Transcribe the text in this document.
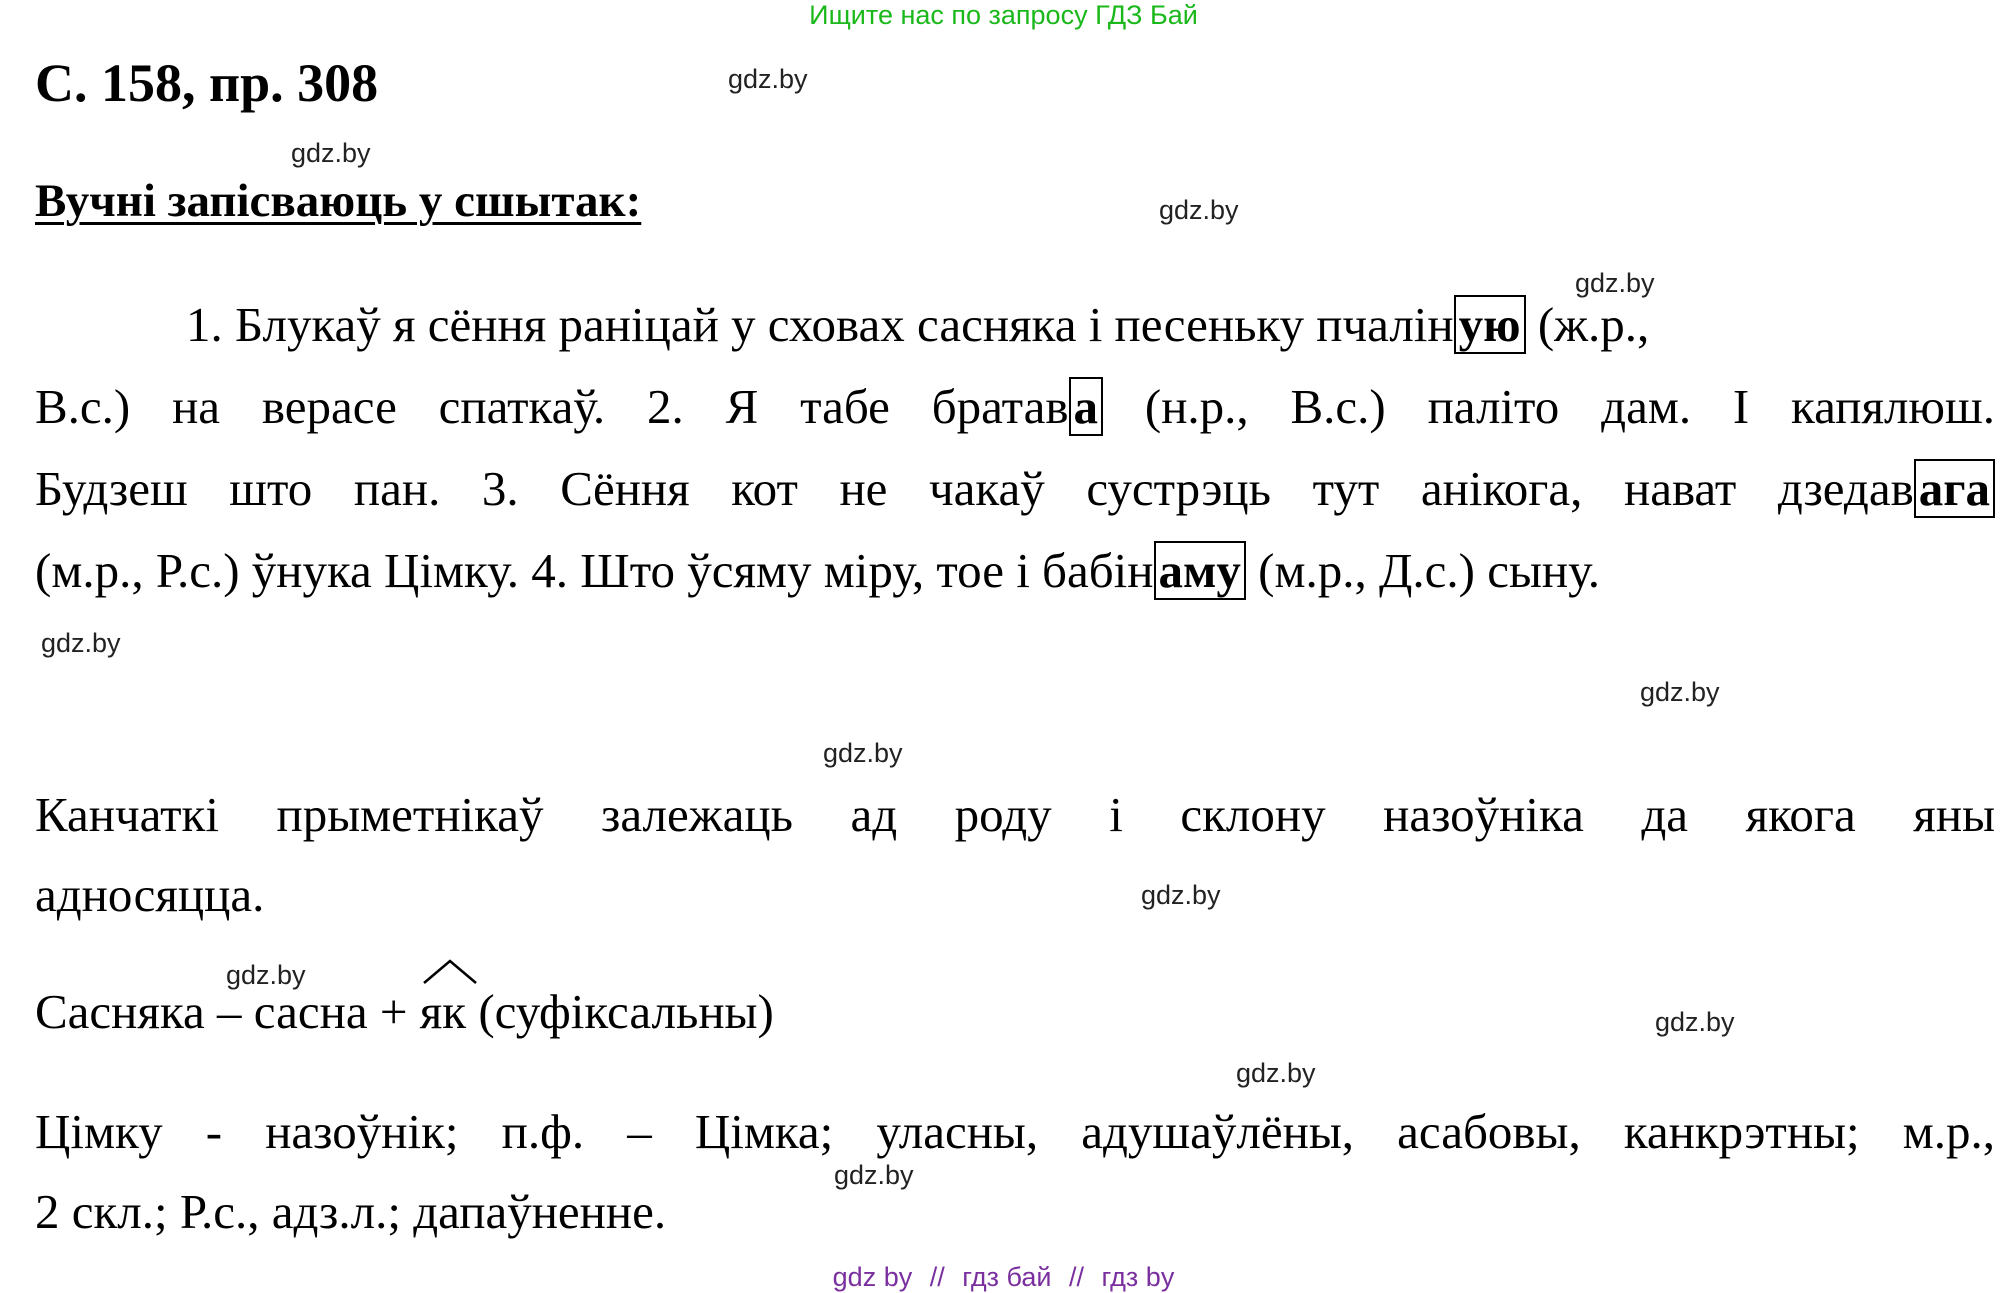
Ищите нас по запросу ГДЗ Бай
С. 158, пр. 308	gdz.by
gdz.by
Вучні запісваюць у сшытак:	gdz.by
gdz.by
1. Блукаў я сёння раніцай у сховах сасняка і песеньку пчалін ую (ж.р.,
В.с.) на верасе спаткаў. 2. Я табе братав а (н.р., В.с.) паліто дам. І капялюш.
Будзеш што пан. 3. Сёння кот не чакаў сустрэць тут анікога, нават дзедав ага
(м.р., Р.с.) ўнука Цімку. 4. Што ўсяму міру, тое і бабін аму (м.р., Д.с.) сыну.
gdz.by
gdz.by
gdz.by
Канчаткі прыметнікаў залежаць ад роду і склону назоўніка да якога яны
адносяцца.	gdz.by
gdz.by
Сасняка – сасна + як (суфіксальны)	gdz.by
gdz.by
Цімку - назоўнік; п.ф. – Цімка; уласны, адушаўлёны, асабовы, канкрэтны; м.р.,
2 скл.; Р.с., адз.л.; дапаўненне.
gdz.by
gdz by // гдз бай // гдз by
